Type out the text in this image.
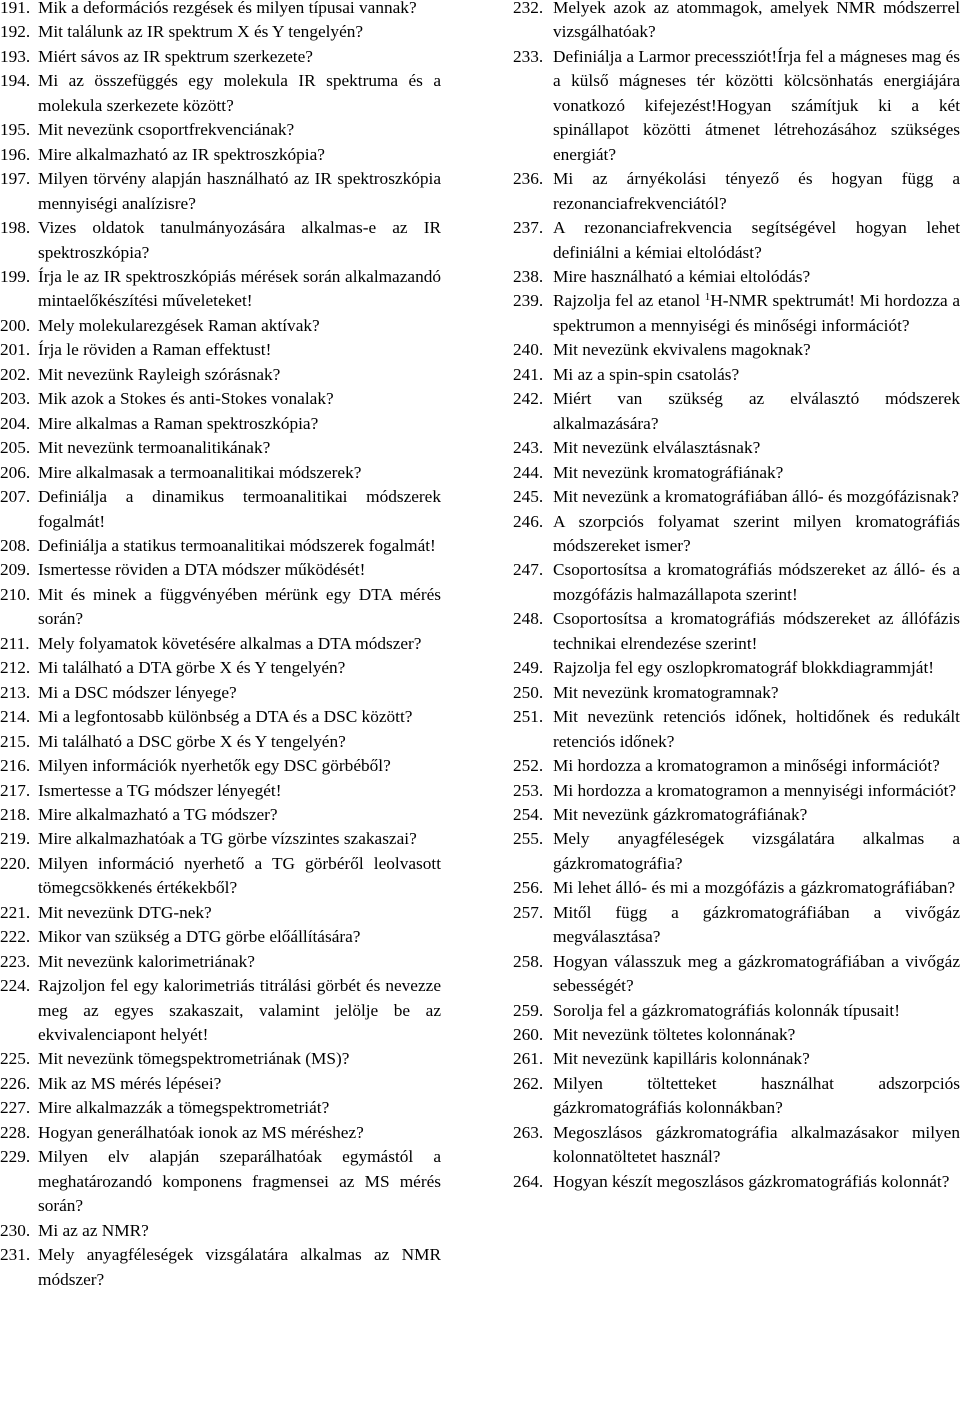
191. Mik a deformációs rezgések és milyen típusai vannak?
192. Mit találunk az IR spektrum X és Y tengelyén?
193. Miért sávos az IR spektrum szerkezete?
194. Mi az összefüggés egy molekula IR spektruma és a molekula szerkezete között?
195. Mit nevezünk csoportfrekvenciának?
196. Mire alkalmazható az IR spektroszkópia?
197. Milyen törvény alapján használható az IR spektroszkópia mennyiségi analízisre?
198. Vizes oldatok tanulmányozására alkalmas-e az IR spektroszkópia?
199. Írja le az IR spektroszkópiás mérések során alkalmazandó mintaelőkészítési műveleteket!
200. Mely molekularezgések Raman aktívak?
201. Írja le röviden a Raman effektust!
202. Mit nevezünk Rayleigh szórásnak?
203. Mik azok a Stokes és anti-Stokes vonalak?
204. Mire alkalmas a Raman spektroszkópia?
205. Mit nevezünk termoanalitikának?
206. Mire alkalmasak a termoanalitikai módszerek?
207. Definiálja a dinamikus termoanalitikai módszerek fogalmát!
208. Definiálja a statikus termoanalitikai módszerek fogalmát!
209. Ismertesse röviden a DTA módszer működését!
210. Mit és minek a függvényében mérünk egy DTA mérés során?
211. Mely folyamatok követésére alkalmas a DTA módszer?
212. Mi található a DTA görbe X és Y tengelyén?
213. Mi a DSC módszer lényege?
214. Mi a legfontosabb különbség a DTA és a DSC között?
215. Mi található a DSC görbe X és Y tengelyén?
216. Milyen információk nyerhetők egy DSC görbéből?
217. Ismertesse a TG módszer lényegét!
218. Mire alkalmazható a TG módszer?
219. Mire alkalmazhatóak a TG görbe vízszintes szakaszai?
220. Milyen információ nyerhető a TG görbéről leolvasott tömegcsökkenés értékekből?
221. Mit nevezünk DTG-nek?
222. Mikor van szükség a DTG görbe előállítására?
223. Mit nevezünk kalorimetriának?
224. Rajzoljon fel egy kalorimetriás titrálási görbét és nevezze meg az egyes szakaszait, valamint jelölje be az ekvivalenciapont helyét!
225. Mit nevezünk tömegspektrometriának (MS)?
226. Mik az MS mérés lépései?
227. Mire alkalmazzák a tömegspektrometriát?
228. Hogyan generálhatóak ionok az MS méréshez?
229. Milyen elv alapján szeparálhatóak egymástól a meghatározandó komponens fragmensei az MS mérés során?
230. Mi az az NMR?
231. Mely anyagféleségek vizsgálatára alkalmas az NMR módszer?
232. Melyek azok az atommagok, amelyek NMR módszerrel vizsgálhatóak?
233. Definiálja a Larmor precessziót!Írja fel a mágneses mag és a külső mágneses tér közötti kölcsönhatás energiájára vonatkozó kifejezést!Hogyan számítjuk ki a két spinállapot közötti átmenet létrehozásához szükséges energiát?
236. Mi az árnyékolási tényező és hogyan függ a rezonanciafrekvenciától?
237. A rezonanciafrekvencia segítségével hogyan lehet definiálni a kémiai eltolódást?
238. Mire használható a kémiai eltolódás?
239. Rajzolja fel az etanol $^1$H-NMR spektrumát! Mi hordozza a spektrumon a mennyiségi és minőségi információt?
240. Mit nevezünk ekvivalens magoknak?
241. Mi az a spin-spin csatolás?
242. Miért van szükség az elválasztó módszerek alkalmazására?
243. Mit nevezünk elválasztásnak?
244. Mit nevezünk kromatográfiának?
245. Mit nevezünk a kromatográfiában álló- és mozgófázisnak?
246. A szorpciós folyamat szerint milyen kromatográfiás módszereket ismer?
247. Csoportosítsa a kromatográfiás módszereket az álló- és a mozgófázis halmazállapota szerint!
248. Csoportosítsa a kromatográfiás módszereket az állófázis technikai elrendezése szerint!
249. Rajzolja fel egy oszlopkromatográf blokkdiagrammját!
250. Mit nevezünk kromatogramnak?
251. Mit nevezünk retenciós időnek, holtidőnek és redukált retenciós időnek?
252. Mi hordozza a kromatogramon a minőségi információt?
253. Mi hordozza a kromatogramon a mennyiségi információt?
254. Mit nevezünk gázkromatográfiának?
255. Mely anyagféleségek vizsgálatára alkalmas a gázkromatográfia?
256. Mi lehet álló- és mi a mozgófázis a gázkromatográfiában?
257. Mitől függ a gázkromatográfiában a vivőgáz megválasztása?
258. Hogyan válasszuk meg a gázkromatográfiában a vivőgáz sebességét?
259. Sorolja fel a gázkromatográfiás kolonnák típusait!
260. Mit nevezünk töltetes kolonnának?
261. Mit nevezünk kapilláris kolonnának?
262. Milyen töltetteket használhat adszorpciós gázkromatográfiás kolonnákban?
263. Megoszlásos gázkromatográfia alkalmazásakor milyen kolonnatöltetet használ?
264. Hogyan készít megoszlásos gázkromatográfiás kolonnát?
